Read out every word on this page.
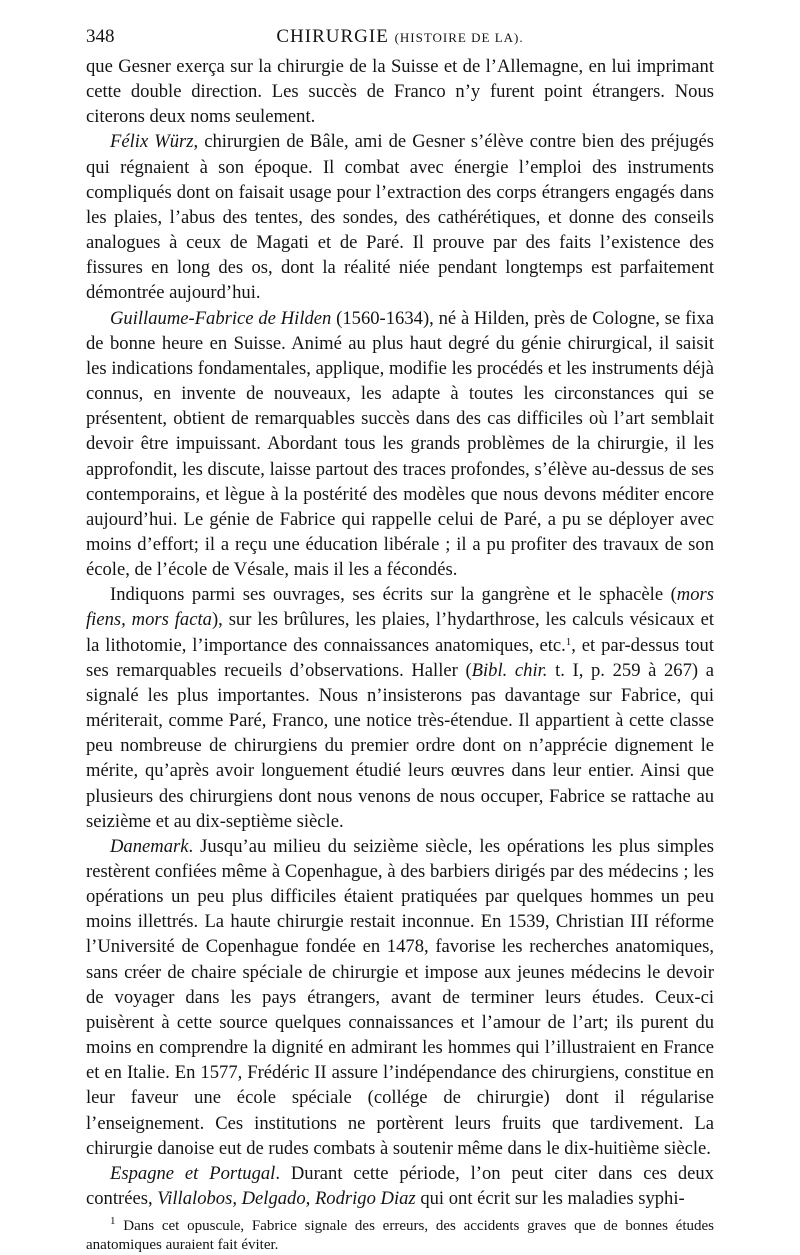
348	CHIRURGIE (HISTOIRE DE LA).

que Gesner exerça sur la chirurgie de la Suisse et de l’Allemagne, en lui imprimant cette double direction. Les succès de Franco n’y furent point étrangers. Nous citerons deux noms seulement.

Félix Würz, chirurgien de Bâle, ami de Gesner s’élève contre bien des préjugés qui régnaient à son époque. Il combat avec énergie l’emploi des instruments compliqués dont on faisait usage pour l’extraction des corps étrangers engagés dans les plaies, l’abus des tentes, des sondes, des cathérétiques, et donne des conseils analogues à ceux de Magati et de Paré. Il prouve par des faits l’existence des fissures en long des os, dont la réalité niée pendant longtemps est parfaitement démontrée aujourd’hui.

Guillaume-Fabrice de Hilden (1560-1634), né à Hilden, près de Cologne, se fixa de bonne heure en Suisse. Animé au plus haut degré du génie chirurgical, il saisit les indications fondamentales, applique, modifie les procédés et les instruments déjà connus, en invente de nouveaux, les adapte à toutes les circonstances qui se présentent, obtient de remarquables succès dans des cas difficiles où l’art semblait devoir être impuissant. Abordant tous les grands problèmes de la chirurgie, il les approfondit, les discute, laisse partout des traces profondes, s’élève au-dessus de ses contemporains, et lègue à la postérité des modèles que nous devons méditer encore aujourd’hui. Le génie de Fabrice qui rappelle celui de Paré, a pu se déployer avec moins d’effort; il a reçu une éducation libérale ; il a pu profiter des travaux de son école, de l’école de Vésale, mais il les a fécondés.

Indiquons parmi ses ouvrages, ses écrits sur la gangrène et le sphacèle (mors fiens, mors facta), sur les brûlures, les plaies, l’hydarthrose, les calculs vésicaux et la lithotomie, l’importance des connaissances anatomiques, etc.$^1$, et par-dessus tout ses remarquables recueils d’observations. Haller (Bibl. chir. t. I, p. 259 à 267) a signalé les plus importantes. Nous n’insisterons pas davantage sur Fabrice, qui mériterait, comme Paré, Franco, une notice très-étendue. Il appartient à cette classe peu nombreuse de chirurgiens du premier ordre dont on n’apprécie dignement le mérite, qu’après avoir longuement étudié leurs œuvres dans leur entier. Ainsi que plusieurs des chirurgiens dont nous venons de nous occuper, Fabrice se rattache au seizième et au dix-septième siècle.

Danemark. Jusqu’au milieu du seizième siècle, les opérations les plus simples restèrent confiées même à Copenhague, à des barbiers dirigés par des médecins ; les opérations un peu plus difficiles étaient pratiquées par quelques hommes un peu moins illettrés. La haute chirurgie restait inconnue. En 1539, Christian III réforme l’Université de Copenhague fondée en 1478, favorise les recherches anatomiques, sans créer de chaire spéciale de chirurgie et impose aux jeunes médecins le devoir de voyager dans les pays étrangers, avant de terminer leurs études. Ceux-ci puisèrent à cette source quelques connaissances et l’amour de l’art; ils purent du moins en comprendre la dignité en admirant les hommes qui l’illustraient en France et en Italie. En 1577, Frédéric II assure l’indépendance des chirurgiens, constitue en leur faveur une école spéciale (collége de chirurgie) dont il régularise l’enseignement. Ces institutions ne portèrent leurs fruits que tardivement. La chirurgie danoise eut de rudes combats à soutenir même dans le dix-huitième siècle.

Espagne et Portugal. Durant cette période, l’on peut citer dans ces deux contrées, Villalobos, Delgado, Rodrigo Diaz qui ont écrit sur les maladies syphi-

$^1$ Dans cet opuscule, Fabrice signale des erreurs, des accidents graves que de bonnes études anatomiques auraient fait éviter.
